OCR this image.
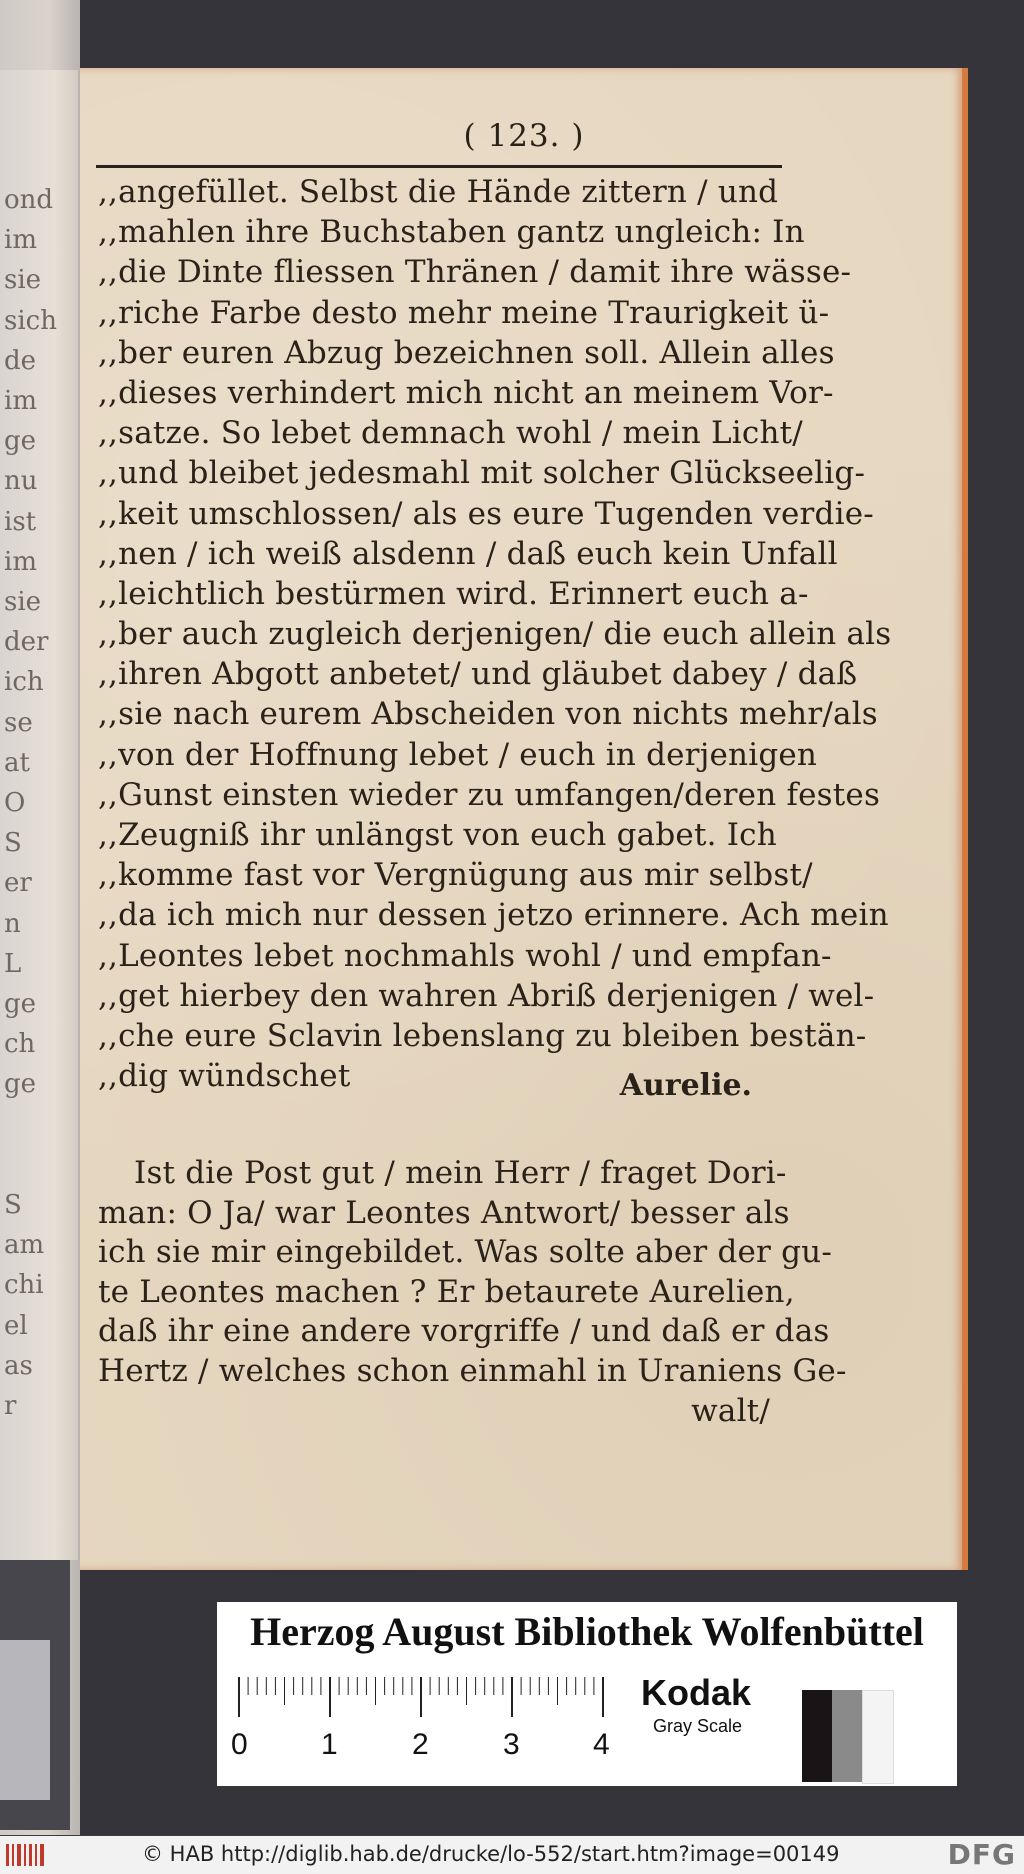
ond
im
sie
sich
de
im
ge
nu
ist
im
sie
der
ich
se
at
O
S
er
n
L
ge
ch
ge

S
am
chi
el
as
r
( 123. )
,,angefüllet. Selbst die Hände zittern / und
,,mahlen ihre Buchstaben gantz ungleich: In
,,die Dinte fliessen Thränen / damit ihre wässe-
,,riche Farbe desto mehr meine Traurigkeit ü-
,,ber euren Abzug bezeichnen soll. Allein alles
,,dieses verhindert mich nicht an meinem Vor-
,,satze. So lebet demnach wohl / mein Licht/
,,und bleibet jedesmahl mit solcher Glückseelig-
,,keit umschlossen/ als es eure Tugenden verdie-
,,nen / ich weiß alsdenn / daß euch kein Unfall
,,leichtlich bestürmen wird. Erinnert euch a-
,,ber auch zugleich derjenigen/ die euch allein als
,,ihren Abgott anbetet/ und gläubet dabey / daß
,,sie nach eurem Abscheiden von nichts mehr/als
,,von der Hoffnung lebet / euch in derjenigen
,,Gunst einsten wieder zu umfangen/deren festes
,,Zeugniß ihr unlängst von euch gabet. Ich
,,komme fast vor Vergnügung aus mir selbst/
,,da ich mich nur dessen jetzo erinnere. Ach mein
,,Leontes lebet nochmahls wohl / und empfan-
,,get hierbey den wahren Abriß derjenigen / wel-
,,che eure Sclavin lebenslang zu bleiben bestän-
,,dig wündschet	Aurelie.
Ist die Post gut / mein Herr / fraget Dori-
man: O Ja/ war Leontes Antwort/ besser als
ich sie mir eingebildet. Was solte aber der gu-
te Leontes machen ? Er betaurete Aurelien,
daß ihr eine andere vorgriffe / und daß er das
Hertz / welches schon einmahl in Uraniens Ge-
walt/
Herzog August Bibliothek Wolfenbüttel
0 1 2 3 4
Kodak
Gray Scale
© HAB http://diglib.hab.de/drucke/lo-552/start.htm?image=00149	DFG
